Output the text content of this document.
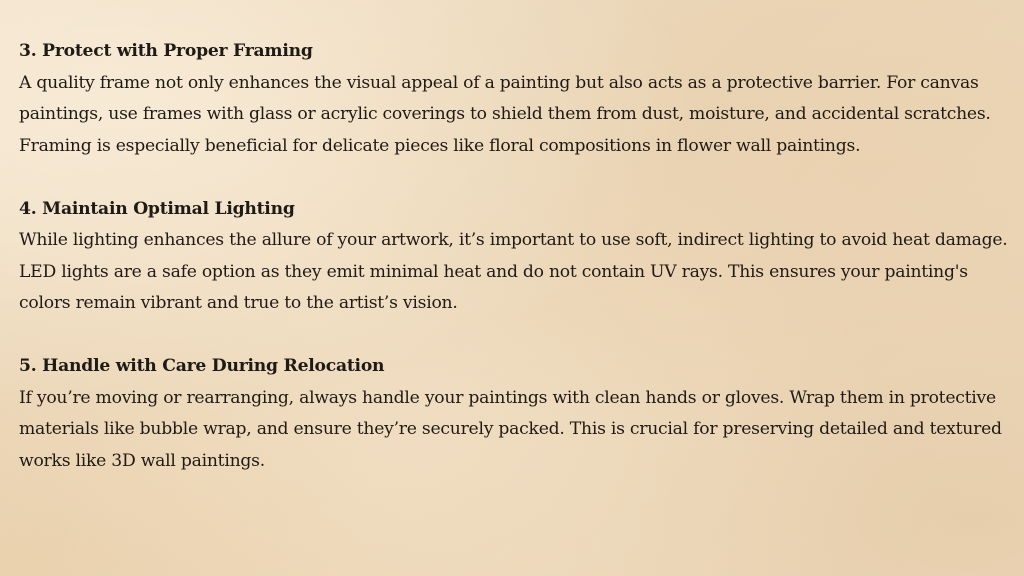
3. Protect with Proper Framing
A quality frame not only enhances the visual appeal of a painting but also acts as a protective barrier. For canvas paintings, use frames with glass or acrylic coverings to shield them from dust, moisture, and accidental scratches. Framing is especially beneficial for delicate pieces like floral compositions in flower wall paintings.
4. Maintain Optimal Lighting
While lighting enhances the allure of your artwork, it’s important to use soft, indirect lighting to avoid heat damage. LED lights are a safe option as they emit minimal heat and do not contain UV rays. This ensures your painting's colors remain vibrant and true to the artist’s vision.
5. Handle with Care During Relocation
If you’re moving or rearranging, always handle your paintings with clean hands or gloves. Wrap them in protective materials like bubble wrap, and ensure they’re securely packed. This is crucial for preserving detailed and textured works like 3D wall paintings.
